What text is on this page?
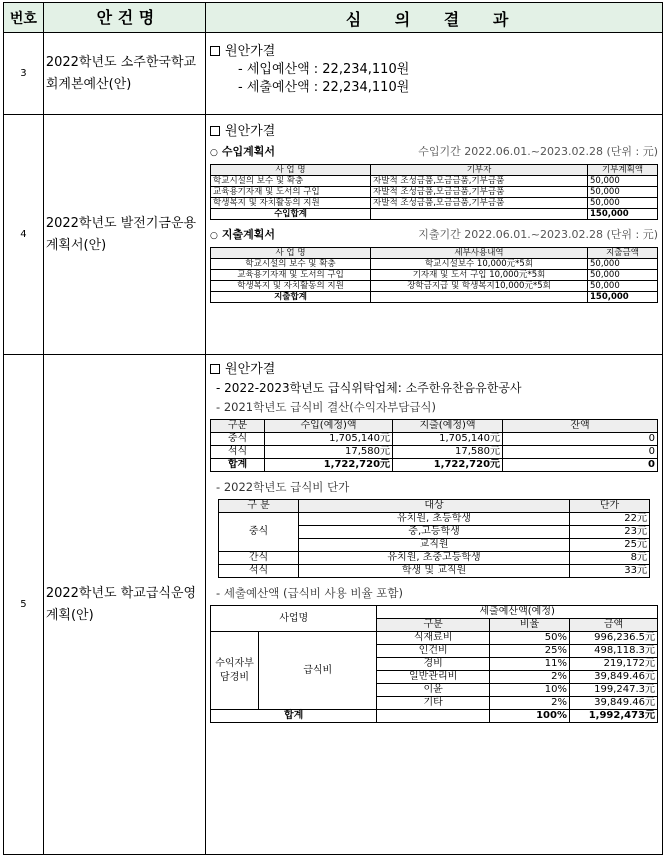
번호	안 건 명	심 의 결 과
3	2022학년도 소주한국학교회계본예산(안)	
원안가결
- 세입예산액 : 22,234,110원
- 세출예산액 : 22,234,110원

4	2022학년도 발전기금운용계획서(안)	
원안가결
○ 수입계획서	수입기간 2022.06.01.~2023.02.28 (단위 : 元)
사 업 명	기부자	기부계획액
학교시설의 보수 및 확충	자발적 조성금품,모금금품,기부금품	50,000
교육용기자재 및 도서의 구입	자발적 조성금품,모금금품,기부금품	50,000
학생복지 및 자치활동의 지원	자발적 조성금품,모금금품,기부금품	50,000
수입합계		150,000
○ 지출계획서	지출기간 2022.06.01.~2023.02.28 (단위 : 元)
사 업 명	세부사용내역	지출금액
학교시설의 보수 및 확충	학교시설보수 10,000元*5회	50,000
교육용기자재 및 도서의 구입	기자재 및 도서 구입 10,000元*5회	50,000
학생복지 및 자치활동의 지원	장학금지급 및 학생복지10,000元*5회	50,000
지출합계		150,000

5	2022학년도 학교급식운영계획(안)	
원안가결
- 2022-2023학년도 급식위탁업체: 소주한유찬음유한공사
- 2021학년도 급식비 결산(수익자부담급식)
구분	수입(예정)액	지출(예정)액	잔액
중식	1,705,140元	1,705,140元	0
석식	17,580元	17,580元	0
합계	1,722,720元	1,722,720元	0
- 2022학년도 급식비 단가
구 분	대상	단가
중식	유치원, 초등학생	22元
중,고등학생	23元
교직원	25元
간식	유치원, 초중고등학생	8元
석식	학생 및 교직원	33元
- 세출예산액 (급식비 사용 비율 포함)
사업명	세출예산액(예정)
구분	비율	금액
수익자부담경비	급식비	식재료비	50%	996,236.5元
인건비	25%	498,118.3元
경비	11%	219,172元
일반관리비	2%	39,849.46元
이윤	10%	199,247.3元
기타	2%	39,849.46元
합계		100%	1,992,473元
